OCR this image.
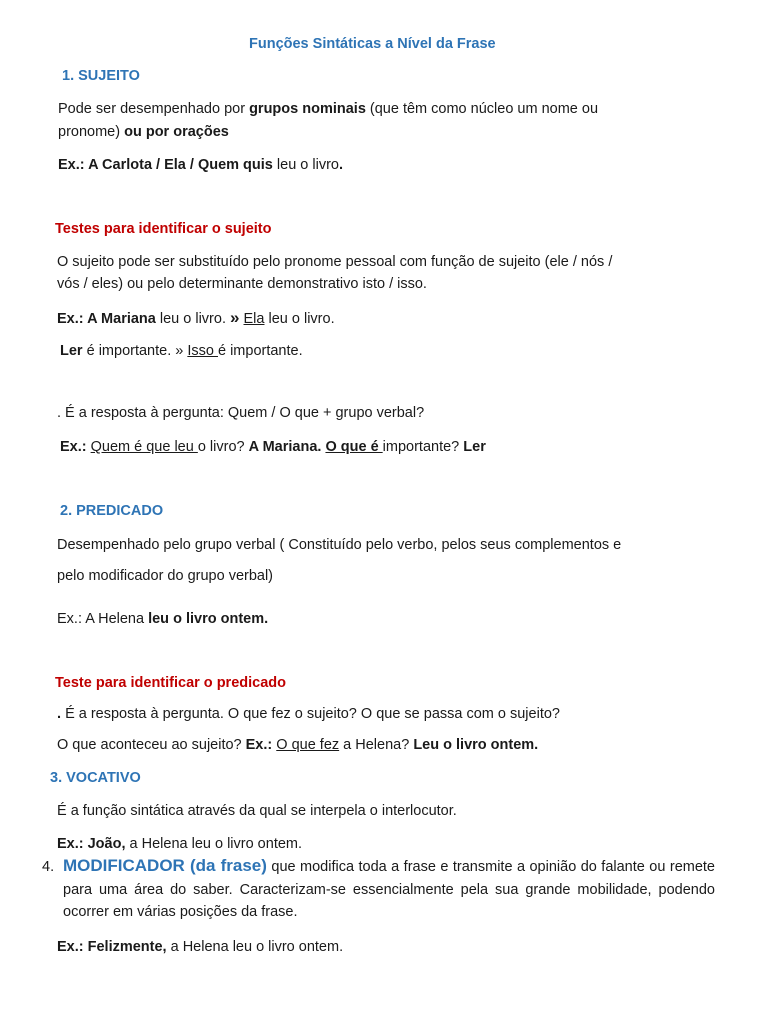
Funções Sintáticas a Nível da Frase
1. SUJEITO
Pode ser desempenhado por grupos nominais (que têm como núcleo um nome ou
pronome) ou por orações
Ex.: A Carlota / Ela / Quem quis leu o livro.
Testes para identificar o sujeito
O sujeito pode ser substituído pelo pronome pessoal com função de sujeito (ele / nós /
vós / eles) ou pelo determinante demonstrativo isto / isso.
Ex.: A Mariana leu o livro. » Ela leu o livro.
Ler é importante. » Isso é importante.
. É a resposta à pergunta: Quem / O que + grupo verbal?
Ex.: Quem é que leu o livro? A Mariana. O que é importante? Ler
2. PREDICADO
Desempenhado pelo grupo verbal ( Constituído pelo verbo, pelos seus complementos e
pelo modificador do grupo verbal)
Ex.: A Helena leu o livro ontem.
Teste para identificar o predicado
. É a resposta à pergunta. O que fez o sujeito? O que se passa com o sujeito?
O que aconteceu ao sujeito? Ex.: O que fez a Helena? Leu o livro ontem.
3. VOCATIVO
É a função sintática através da qual se interpela o interlocutor.
Ex.: João, a Helena leu o livro ontem.
4. MODIFICADOR (da frase) que modifica toda a frase e transmite a opinião do falante ou remete para uma área do saber. Caracterizam-se essencialmente pela sua grande mobilidade, podendo ocorrer em várias posições da frase.
Ex.: Felizmente, a Helena leu o livro ontem.
